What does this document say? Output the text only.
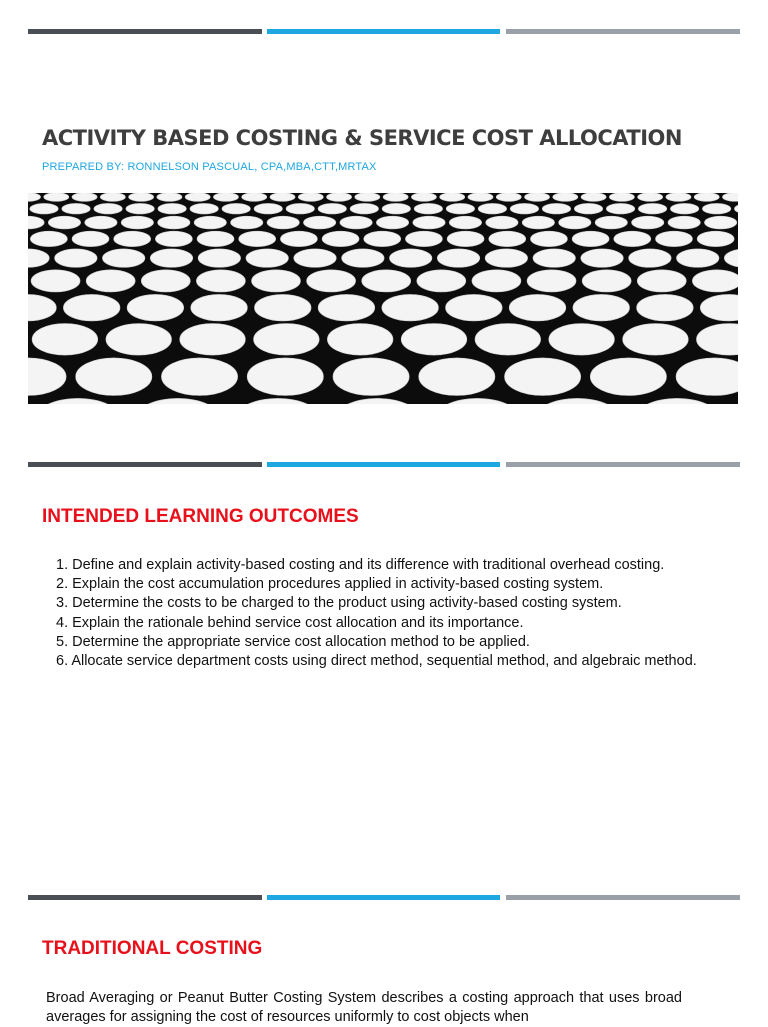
ACTIVITY BASED COSTING & SERVICE COST ALLOCATION
PREPARED BY: RONNELSON PASCUAL, CPA,MBA,CTT,MRTAX
INTENDED LEARNING OUTCOMES
1. Define and explain activity-based costing and its difference with traditional overhead costing.
2. Explain the cost accumulation procedures applied in activity-based costing system.
3. Determine the costs to be charged to the product using activity-based costing system.
4. Explain the rationale behind service cost allocation and its importance.
5. Determine the appropriate service cost allocation method to be applied.
6. Allocate service department costs using direct method, sequential method, and algebraic method.
TRADITIONAL COSTING
Broad Averaging or Peanut Butter Costing System describes a costing approach that uses broad averages for assigning the cost of resources uniformly to cost objects when
